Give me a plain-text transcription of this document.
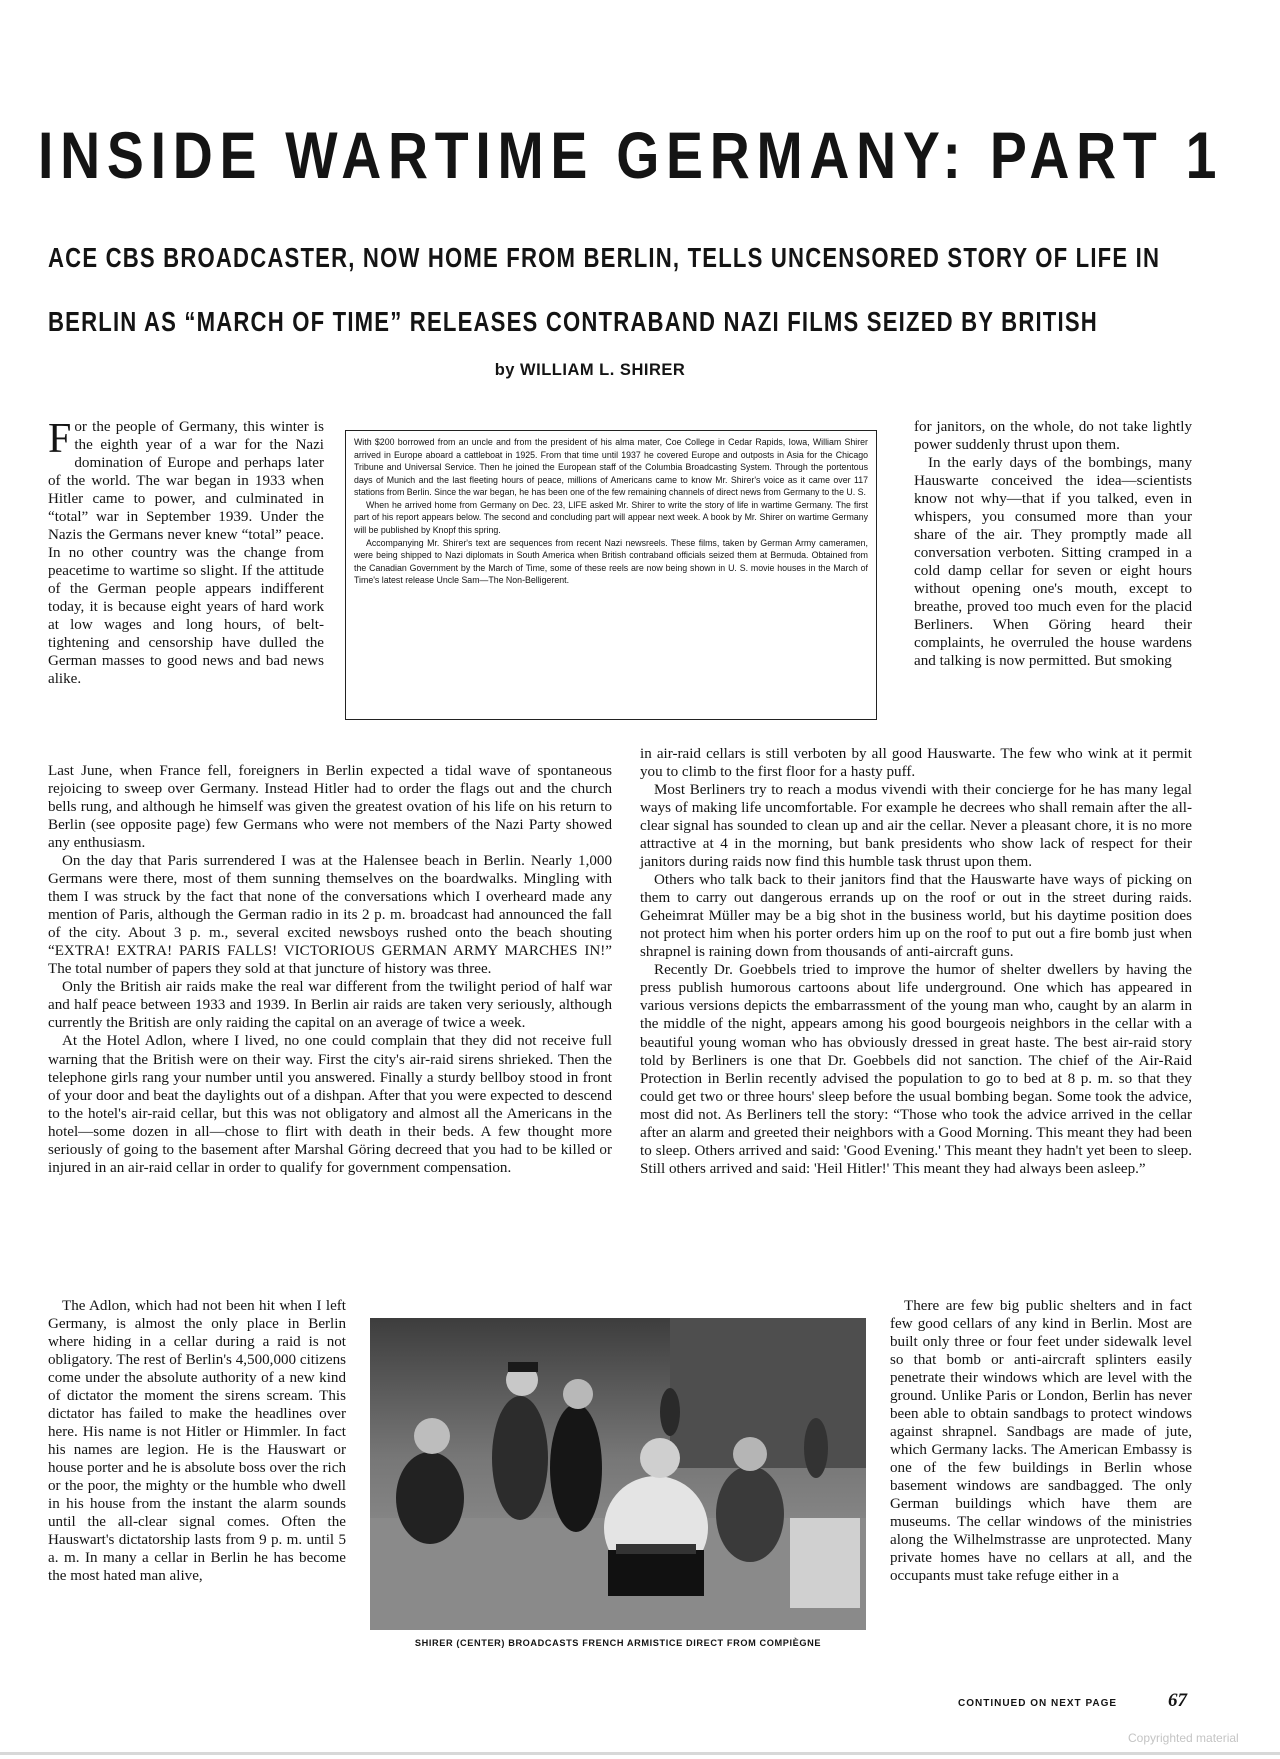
INSIDE WARTIME GERMANY: PART 1
ACE CBS BROADCASTER, NOW HOME FROM BERLIN, TELLS UNCENSORED STORY OF LIFE IN
BERLIN AS “MARCH OF TIME” RELEASES CONTRABAND NAZI FILMS SEIZED BY BRITISH

by WILLIAM L. SHIRER

For the people of Germany, this winter is the eighth year of a war for the Nazi domination of Europe and perhaps later of the world. The war began in 1933 when Hitler came to power, and culminated in “total” war in September 1939. Under the Nazis the Germans never knew “total” peace. In no other country was the change from peacetime to wartime so slight. If the attitude of the German people appears indifferent today, it is because eight years of hard work at low wages and long hours, of belt-tightening and censorship have dulled the German masses to good news and bad news alike.

With $200 borrowed from an uncle and from the president of his alma mater, Coe College in Cedar Rapids, Iowa, William Shirer arrived in Europe aboard a cattleboat in 1925. From that time until 1937 he covered Europe and outposts in Asia for the Chicago Tribune and Universal Service. Then he joined the European staff of the Columbia Broadcasting System. Through the portentous days of Munich and the last fleeting hours of peace, millions of Americans came to know Mr. Shirer's voice as it came over 117 stations from Berlin. Since the war began, he has been one of the few remaining channels of direct news from Germany to the U. S.

When he arrived home from Germany on Dec. 23, LIFE asked Mr. Shirer to write the story of life in wartime Germany. The first part of his report appears below. The second and concluding part will appear next week. A book by Mr. Shirer on wartime Germany will be published by Knopf this spring.

Accompanying Mr. Shirer's text are sequences from recent Nazi newsreels. These films, taken by German Army cameramen, were being shipped to Nazi diplomats in South America when British contraband officials seized them at Bermuda. Obtained from the Canadian Government by the March of Time, some of these reels are now being shown in U. S. movie houses in the March of Time's latest release Uncle Sam—The Non-Belligerent.

for janitors, on the whole, do not take lightly power suddenly thrust upon them.

In the early days of the bombings, many Hauswarte conceived the idea—scientists know not why—that if you talked, even in whispers, you consumed more than your share of the air. They promptly made all conversation verboten. Sitting cramped in a cold damp cellar for seven or eight hours without opening one's mouth, except to breathe, proved too much even for the placid Berliners. When Göring heard their complaints, he overruled the house wardens and talking is now permitted. But smoking

Last June, when France fell, foreigners in Berlin expected a tidal wave of spontaneous rejoicing to sweep over Germany. Instead Hitler had to order the flags out and the church bells rung, and although he himself was given the greatest ovation of his life on his return to Berlin (see opposite page) few Germans who were not members of the Nazi Party showed any enthusiasm.

On the day that Paris surrendered I was at the Halensee beach in Berlin. Nearly 1,000 Germans were there, most of them sunning themselves on the boardwalks. Mingling with them I was struck by the fact that none of the conversations which I overheard made any mention of Paris, although the German radio in its 2 p. m. broadcast had announced the fall of the city. About 3 p. m., several excited newsboys rushed onto the beach shouting “EXTRA! EXTRA! PARIS FALLS! VICTORIOUS GERMAN ARMY MARCHES IN!” The total number of papers they sold at that juncture of history was three.

Only the British air raids make the real war different from the twilight period of half war and half peace between 1933 and 1939. In Berlin air raids are taken very seriously, although currently the British are only raiding the capital on an average of twice a week.

At the Hotel Adlon, where I lived, no one could complain that they did not receive full warning that the British were on their way. First the city's air-raid sirens shrieked. Then the telephone girls rang your number until you answered. Finally a sturdy bellboy stood in front of your door and beat the daylights out of a dishpan. After that you were expected to descend to the hotel's air-raid cellar, but this was not obligatory and almost all the Americans in the hotel—some dozen in all—chose to flirt with death in their beds. A few thought more seriously of going to the basement after Marshal Göring decreed that you had to be killed or injured in an air-raid cellar in order to qualify for government compensation.

in air-raid cellars is still verboten by all good Hauswarte. The few who wink at it permit you to climb to the first floor for a hasty puff.

Most Berliners try to reach a modus vivendi with their concierge for he has many legal ways of making life uncomfortable. For example he decrees who shall remain after the all-clear signal has sounded to clean up and air the cellar. Never a pleasant chore, it is no more attractive at 4 in the morning, but bank presidents who show lack of respect for their janitors during raids now find this humble task thrust upon them.

Others who talk back to their janitors find that the Hauswarte have ways of picking on them to carry out dangerous errands up on the roof or out in the street during raids. Geheimrat Müller may be a big shot in the business world, but his daytime position does not protect him when his porter orders him up on the roof to put out a fire bomb just when shrapnel is raining down from thousands of anti-aircraft guns.

Recently Dr. Goebbels tried to improve the humor of shelter dwellers by having the press publish humorous cartoons about life underground. One which has appeared in various versions depicts the embarrassment of the young man who, caught by an alarm in the middle of the night, appears among his good bourgeois neighbors in the cellar with a beautiful young woman who has obviously dressed in great haste. The best air-raid story told by Berliners is one that Dr. Goebbels did not sanction. The chief of the Air-Raid Protection in Berlin recently advised the population to go to bed at 8 p. m. so that they could get two or three hours' sleep before the usual bombing began. Some took the advice, most did not. As Berliners tell the story: “Those who took the advice arrived in the cellar after an alarm and greeted their neighbors with a Good Morning. This meant they had been to sleep. Others arrived and said: 'Good Evening.' This meant they hadn't yet been to sleep. Still others arrived and said: 'Heil Hitler!' This meant they had always been asleep.”

The Adlon, which had not been hit when I left Germany, is almost the only place in Berlin where hiding in a cellar during a raid is not obligatory. The rest of Berlin's 4,500,000 citizens come under the absolute authority of a new kind of dictator the moment the sirens scream. This dictator has failed to make the headlines over here. His name is not Hitler or Himmler. In fact his names are legion. He is the Hauswart or house porter and he is absolute boss over the rich or the poor, the mighty or the humble who dwell in his house from the instant the alarm sounds until the all-clear signal comes. Often the Hauswart's dictatorship lasts from 9 p. m. until 5 a. m. In many a cellar in Berlin he has become the most hated man alive,

SHIRER (CENTER) BROADCASTS FRENCH ARMISTICE DIRECT FROM COMPIÈGNE

There are few big public shelters and in fact few good cellars of any kind in Berlin. Most are built only three or four feet under sidewalk level so that bomb or anti-aircraft splinters easily penetrate their windows which are level with the ground. Unlike Paris or London, Berlin has never been able to obtain sandbags to protect windows against shrapnel. Sandbags are made of jute, which Germany lacks. The American Embassy is one of the few buildings in Berlin whose basement windows are sandbagged. The only German buildings which have them are museums. The cellar windows of the ministries along the Wilhelmstrasse are unprotected. Many private homes have no cellars at all, and the occupants must take refuge either in a

CONTINUED ON NEXT PAGE	67

Copyrighted material
